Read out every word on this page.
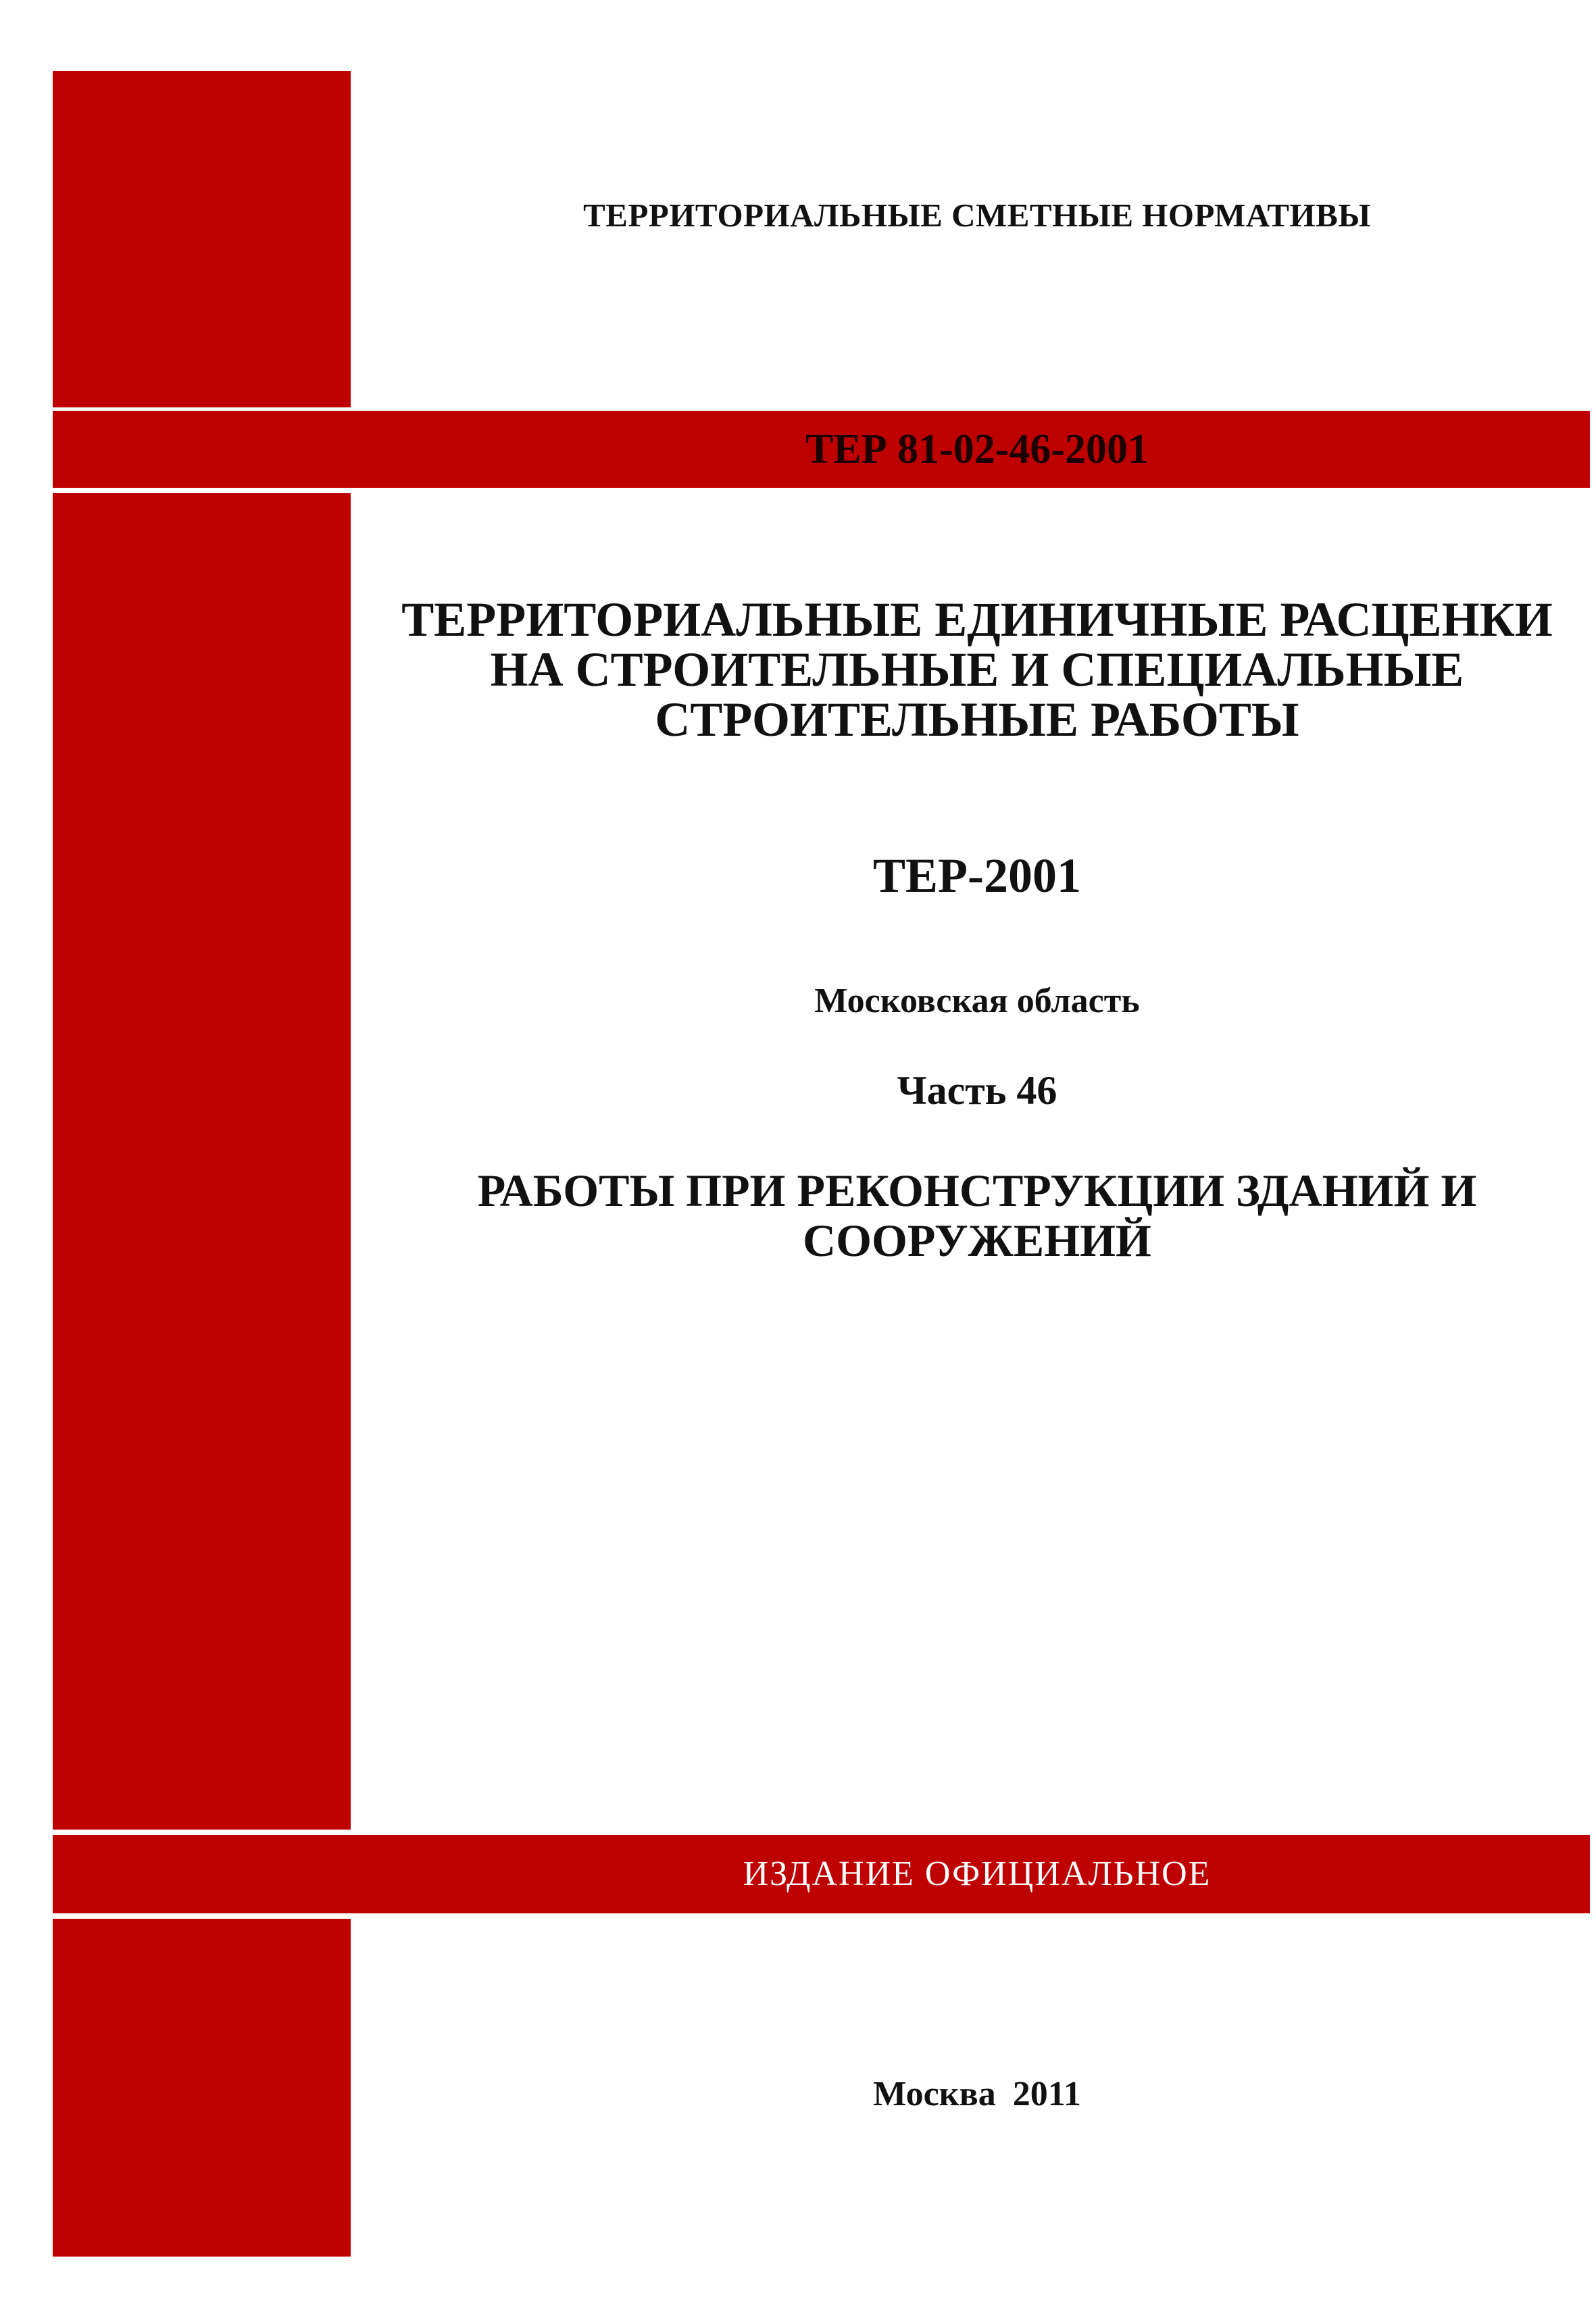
ТЕРРИТОРИАЛЬНЫЕ СМЕТНЫЕ НОРМАТИВЫ
ТЕР 81-02-46-2001
ТЕРРИТОРИАЛЬНЫЕ ЕДИНИЧНЫЕ РАСЦЕНКИ
НА СТРОИТЕЛЬНЫЕ И СПЕЦИАЛЬНЫЕ
СТРОИТЕЛЬНЫЕ РАБОТЫ
ТЕР-2001
Московская область
Часть 46
РАБОТЫ ПРИ РЕКОНСТРУКЦИИ ЗДАНИЙ И
СООРУЖЕНИЙ
ИЗДАНИЕ ОФИЦИАЛЬНОЕ
Москва 2011
